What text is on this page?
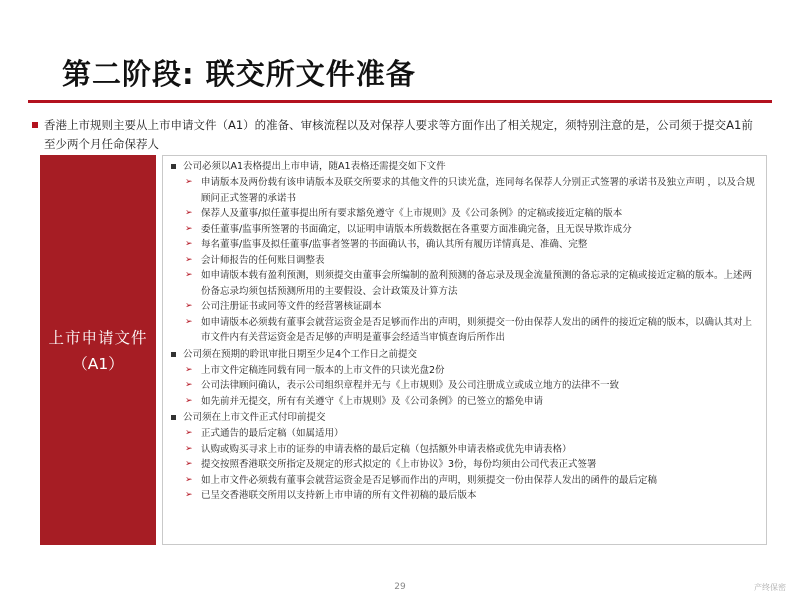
第二阶段: 联交所文件准备
香港上市规则主要从上市申请文件（A1）的准备、审核流程以及对保荐人要求等方面作出了相关规定，须特别注意的是，公司须于提交A1前至少两个月任命保荐人
上市申请文件
（A1）
公司必须以A1表格提出上市申请，随A1表格还需提交如下文件
➢ 申请版本及两份载有该申请版本及联交所要求的其他文件的只读光盘，连同每名保荐人分别正式签署的承诺书及独立声明 ，以及合规顾问正式签署的承诺书
➢ 保荐人及董事/拟任董事提出所有要求豁免遵守《上市规则》及《公司条例》的定稿或接近定稿的版本
➢ 委任董事/监事所签署的书面确定，以证明申请版本所载数据在各重要方面准确完备，且无误导欺诈成分
➢ 每名董事/监事及拟任董事/监事者签署的书面确认书，确认其所有履历详情真是、准确、完整
➢ 会计师报告的任何账目调整表
➢ 如申请版本载有盈利预测，则须提交由董事会所编制的盈利预测的备忘录及现金流量预测的备忘录的定稿或接近定稿的版本。上述两份备忘录均须包括预测所用的主要假设、会计政策及计算方法
➢ 公司注册证书或同等文件的经营署核证副本
➢ 如申请版本必须载有董事会就营运资金是否足够而作出的声明，则须提交一份由保荐人发出的函件的接近定稿的版本，以确认其对上市文件内有关营运资金是否足够的声明是董事会经适当审慎查询后所作出
公司须在预期的聆讯审批日期至少足4个工作日之前提交
➢ 上市文件定稿连同载有同一版本的上市文件的只读光盘2份
➢ 公司法律顾问确认，表示公司组织章程并无与《上市规则》及公司注册成立或成立地方的法律不一致
➢ 如先前并无提交，所有有关遵守《上市规则》及《公司条例》的已签立的豁免申请
公司须在上市文件正式付印前提交
➢ 正式通告的最后定稿（如属适用）
➢ 认购或购买寻求上市的证券的申请表格的最后定稿（包括额外申请表格或优先申请表格）
➢ 提交按照香港联交所指定及规定的形式拟定的《上市协议》3份，每份均须由公司代表正式签署
➢ 如上市文件必须载有董事会就营运资金是否足够而作出的声明，则须提交一份由保荐人发出的函件的最后定稿
➢ 已呈交香港联交所用以支持新上市申请的所有文件初稿的最后版本
29	产终保密
